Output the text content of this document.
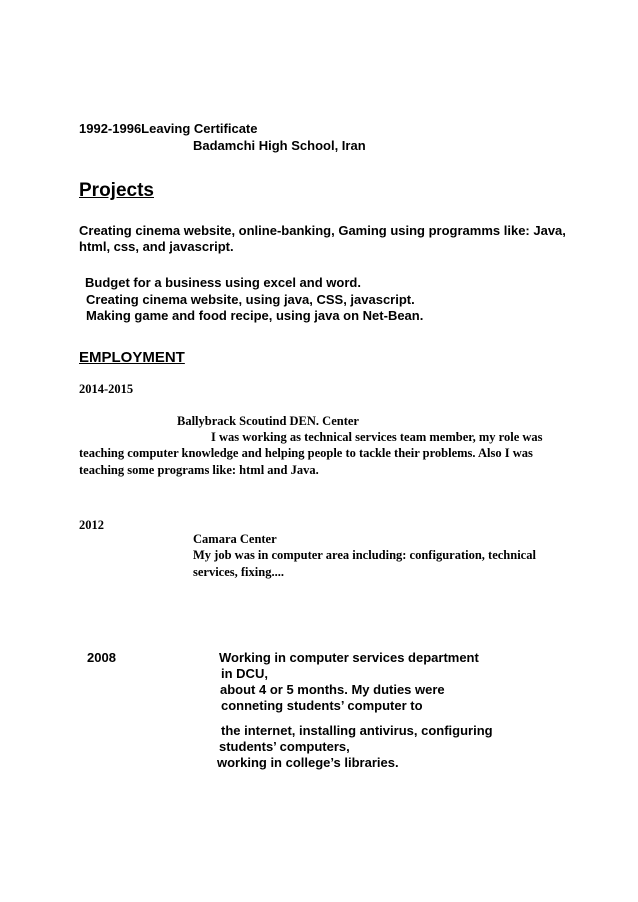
1992-1996Leaving Certificate
Badamchi High School, Iran
Projects
Creating cinema website, online-banking, Gaming using programms like: Java,
html, css, and javascript.
Budget for a business using excel and word.
Creating cinema website, using java, CSS, javascript.
Making game and food recipe, using java on Net-Bean.
EMPLOYMENT
2014-2015
Ballybrack Scoutind DEN. Center
I was working as technical services team member, my role was
teaching computer knowledge and helping people to tackle their problems. Also I was
teaching some programs like: html and Java.
2012
Camara Center
My job was in computer area including: configuration, technical
services, fixing....
2008	Working in computer services department
in DCU,
about 4 or 5 months. My duties were
conneting students’ computer to
the internet, installing antivirus, configuring
students’ computers,
working in college’s libraries.
